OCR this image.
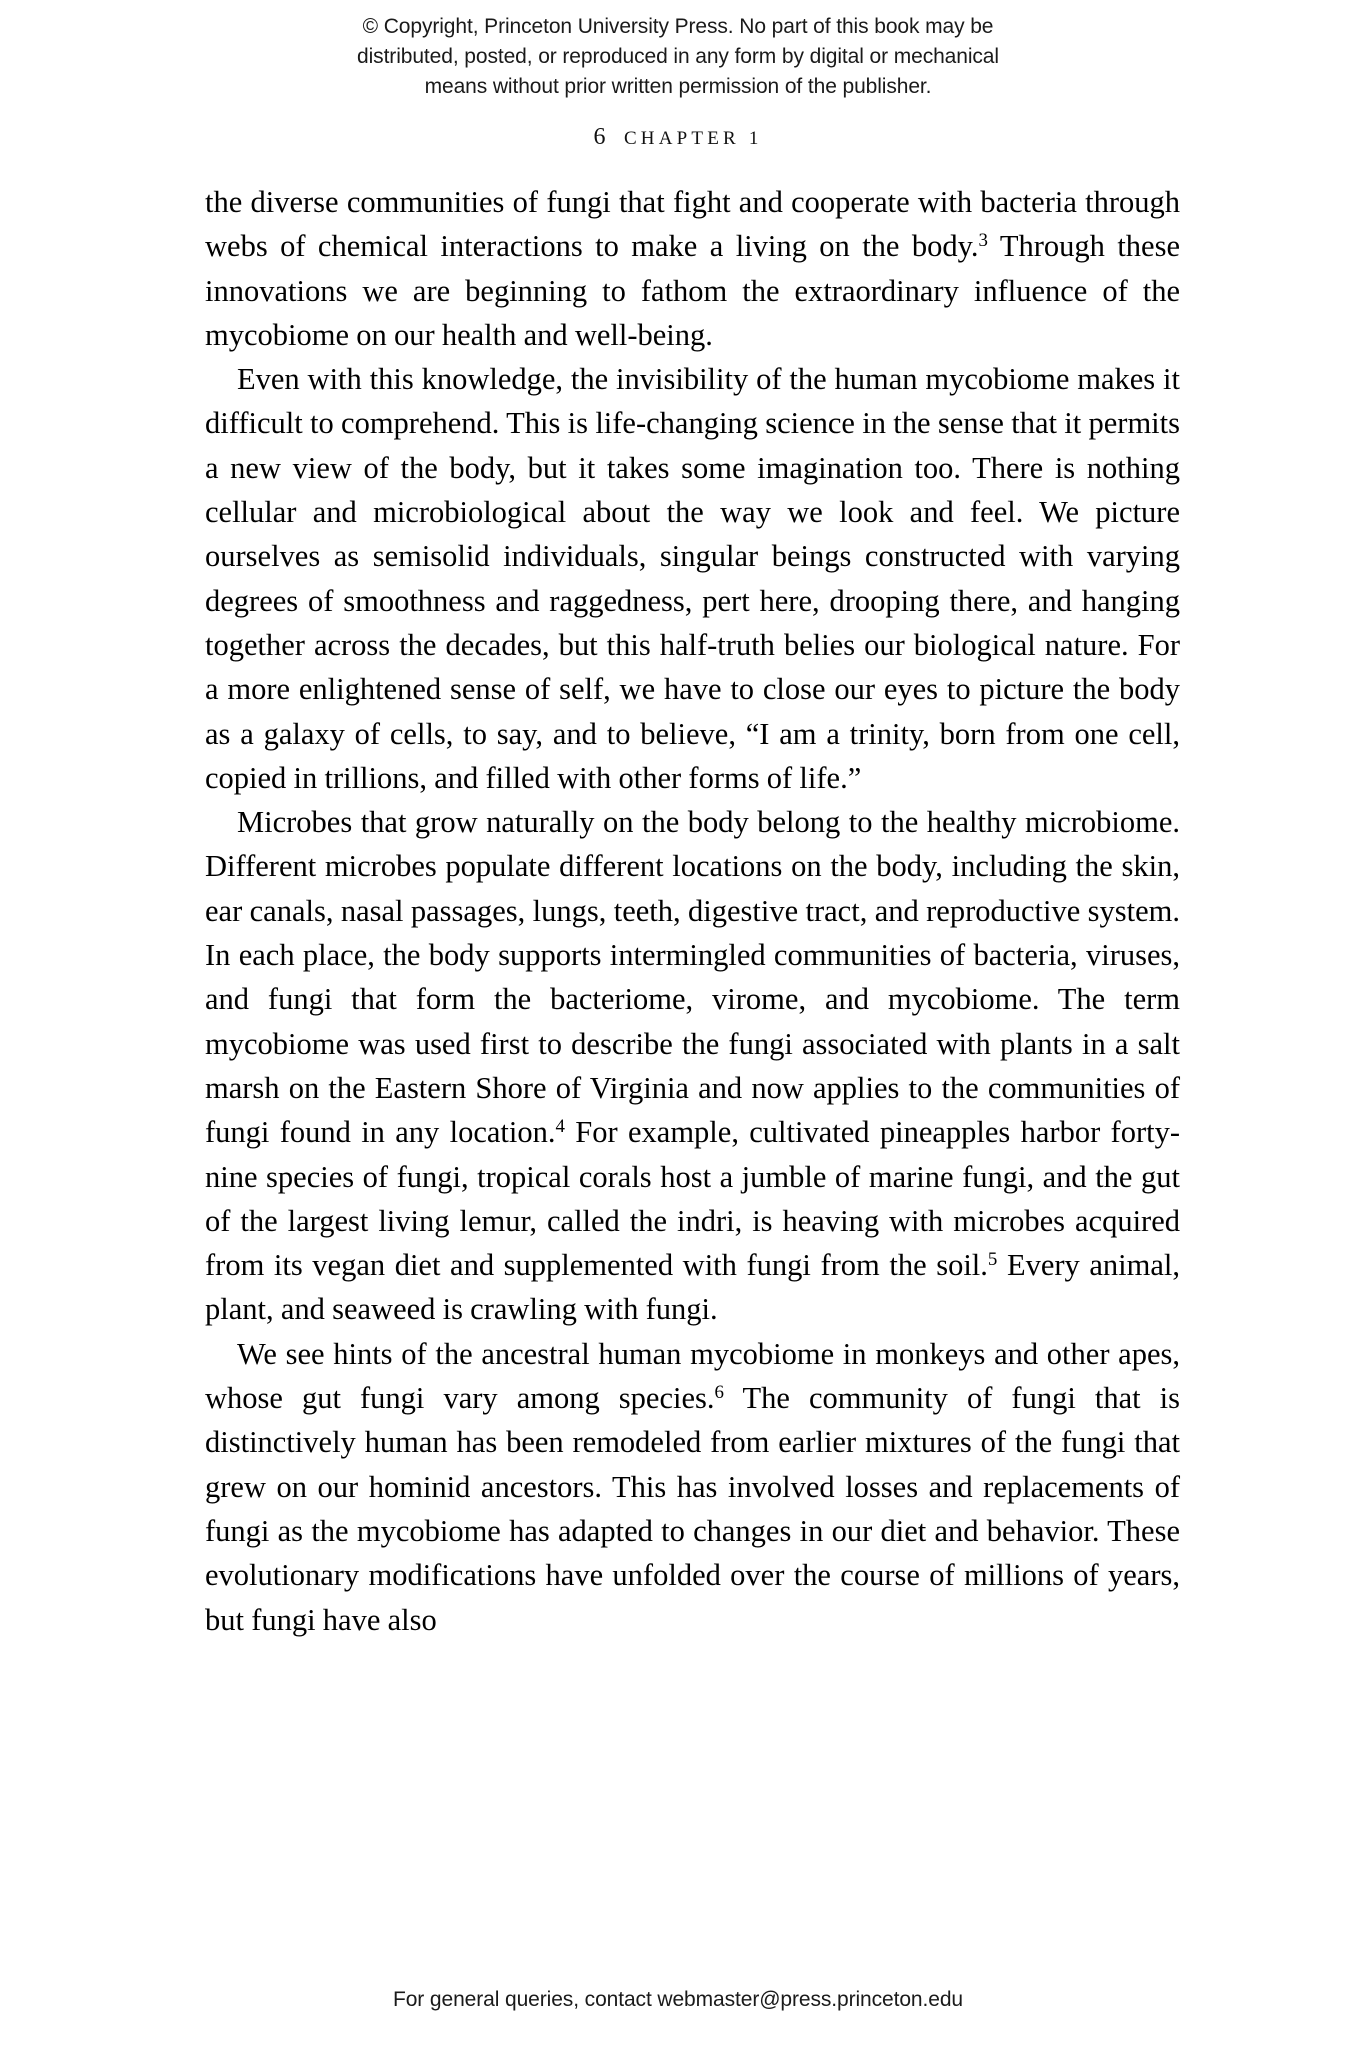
© Copyright, Princeton University Press. No part of this book may be
distributed, posted, or reproduced in any form by digital or mechanical
means without prior written permission of the publisher.
6 CHAPTER 1

the diverse communities of fungi that fight and cooperate with bacteria through webs of chemical interactions to make a living on the body.$^3$ Through these innovations we are beginning to fathom the extraordinary influence of the mycobiome on our health and well-being.

Even with this knowledge, the invisibility of the human mycobiome makes it difficult to comprehend. This is life-changing science in the sense that it permits a new view of the body, but it takes some imagination too. There is nothing cellular and microbiological about the way we look and feel. We picture ourselves as semisolid individuals, singular beings constructed with varying degrees of smoothness and raggedness, pert here, drooping there, and hanging together across the decades, but this half-truth belies our biological nature. For a more enlightened sense of self, we have to close our eyes to picture the body as a galaxy of cells, to say, and to believe, “I am a trinity, born from one cell, copied in trillions, and filled with other forms of life.”

Microbes that grow naturally on the body belong to the healthy microbiome. Different microbes populate different locations on the body, including the skin, ear canals, nasal passages, lungs, teeth, digestive tract, and reproductive system. In each place, the body supports intermingled communities of bacteria, viruses, and fungi that form the bacteriome, virome, and mycobiome. The term mycobiome was used first to describe the fungi associated with plants in a salt marsh on the Eastern Shore of Virginia and now applies to the communities of fungi found in any location.$^4$ For example, cultivated pineapples harbor forty-nine species of fungi, tropical corals host a jumble of marine fungi, and the gut of the largest living lemur, called the indri, is heaving with microbes acquired from its vegan diet and supplemented with fungi from the soil.$^5$ Every animal, plant, and seaweed is crawling with fungi.

We see hints of the ancestral human mycobiome in monkeys and other apes, whose gut fungi vary among species.$^6$ The community of fungi that is distinctively human has been remodeled from earlier mixtures of the fungi that grew on our hominid ancestors. This has involved losses and replacements of fungi as the mycobiome has adapted to changes in our diet and behavior. These evolutionary modifications have unfolded over the course of millions of years, but fungi have also

For general queries, contact webmaster@press.princeton.edu
